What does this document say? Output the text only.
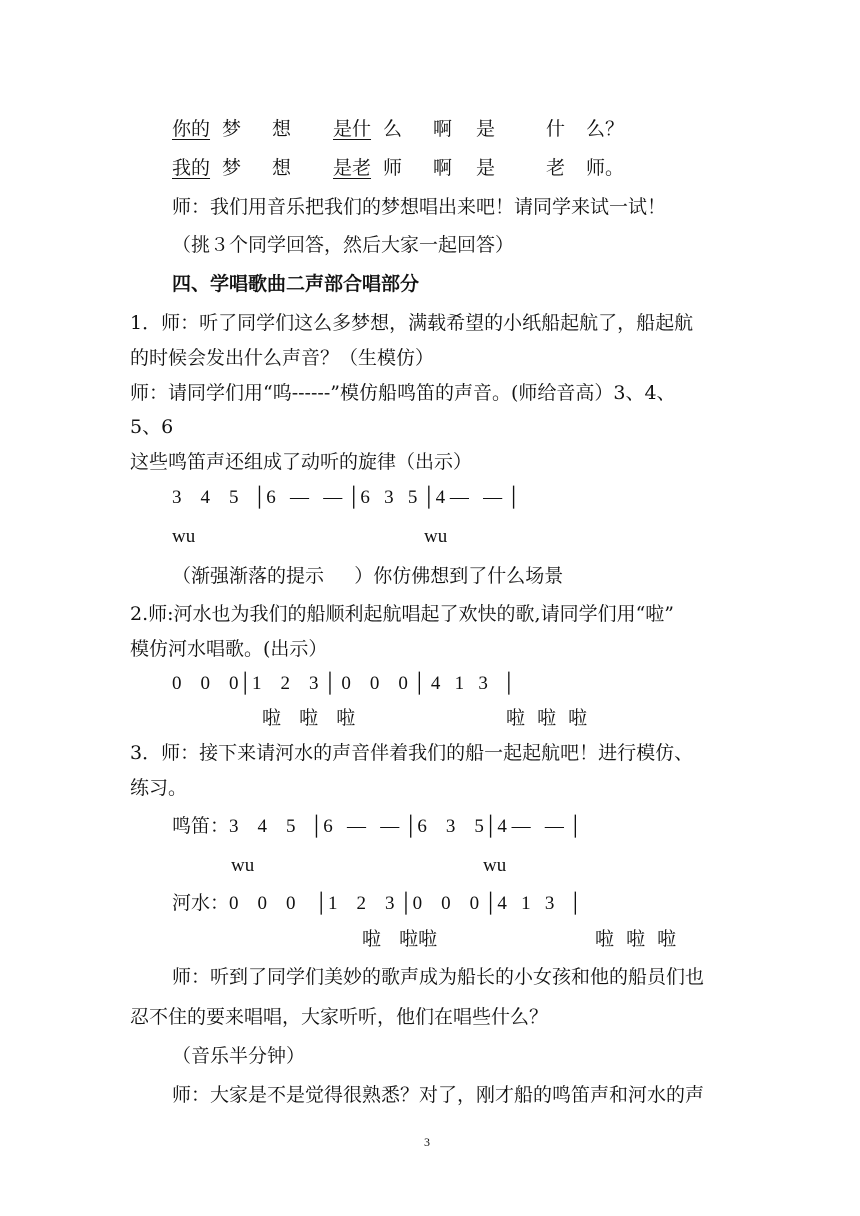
你的 梦 想 是什 么 啊 是	什 么？
我的 梦 想 是老 师 啊 是	老 师。
师：我们用音乐把我们的梦想唱出来吧！请同学来试一试！
（挑３个同学回答，然后大家一起回答）
四、学唱歌曲二声部合唱部分
1．师：听了同学们这么多梦想，满载希望的小纸船起航了，船起航
的时候会发出什么声音？（生模仿）
师：请同学们用“呜------”模仿船鸣笛的声音。(师给音高）3、4、
5、6
这些鸣笛声还组成了动听的旋律（出示）
3    4    5   │6   —   — │6   3   5 │4 —   — │
wu	wu
（渐强渐落的提示     ）你仿佛想到了什么场景
2.师:河水也为我们的船顺利起航唱起了欢快的歌,请同学们用“啦”
模仿河水唱歌。(出示）
0    0    0│1    2    3 │ 0    0    0 │ 4   1   3   │
啦   啦   啦	啦  啦  啦
3．师：接下来请河水的声音伴着我们的船一起起航吧！进行模仿、
练习。
鸣笛：3    4    5   │6   —   — │6    3    5│4 —   — │
wu	wu
河水：0    0    0    │1    2    3 │0    0    0 │4   1   3   │
啦   啦啦	啦  啦  啦
师：听到了同学们美妙的歌声成为船长的小女孩和他的船员们也
忍不住的要来唱唱，大家听听，他们在唱些什么？
（音乐半分钟）
师：大家是不是觉得很熟悉？对了，刚才船的鸣笛声和河水的声
3
